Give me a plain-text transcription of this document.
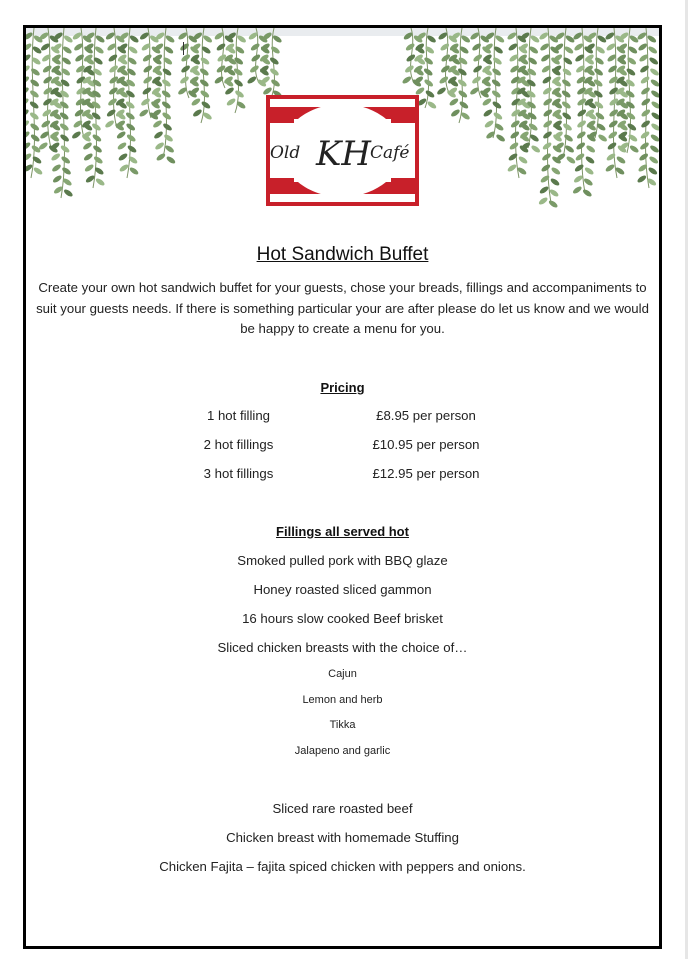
Old KH
Café
Hot Sandwich Buffet
Create your own hot sandwich buffet for your guests, chose your breads, fillings and accompaniments to suit your guests needs. If there is something particular your are after please do let us know and we would be happy to create a menu for you.
Pricing
1 hot filling	£8.95 per person
2 hot fillings	£10.95 per person
3 hot fillings	£12.95 per person
Fillings all served hot
Smoked pulled pork with BBQ glaze
Honey roasted sliced gammon
16 hours slow cooked Beef brisket
Sliced chicken breasts with the choice of…
Cajun
Lemon and herb
Tikka
Jalapeno and garlic
Sliced rare roasted beef
Chicken breast with homemade Stuffing
Chicken Fajita – fajita spiced chicken with peppers and onions.
